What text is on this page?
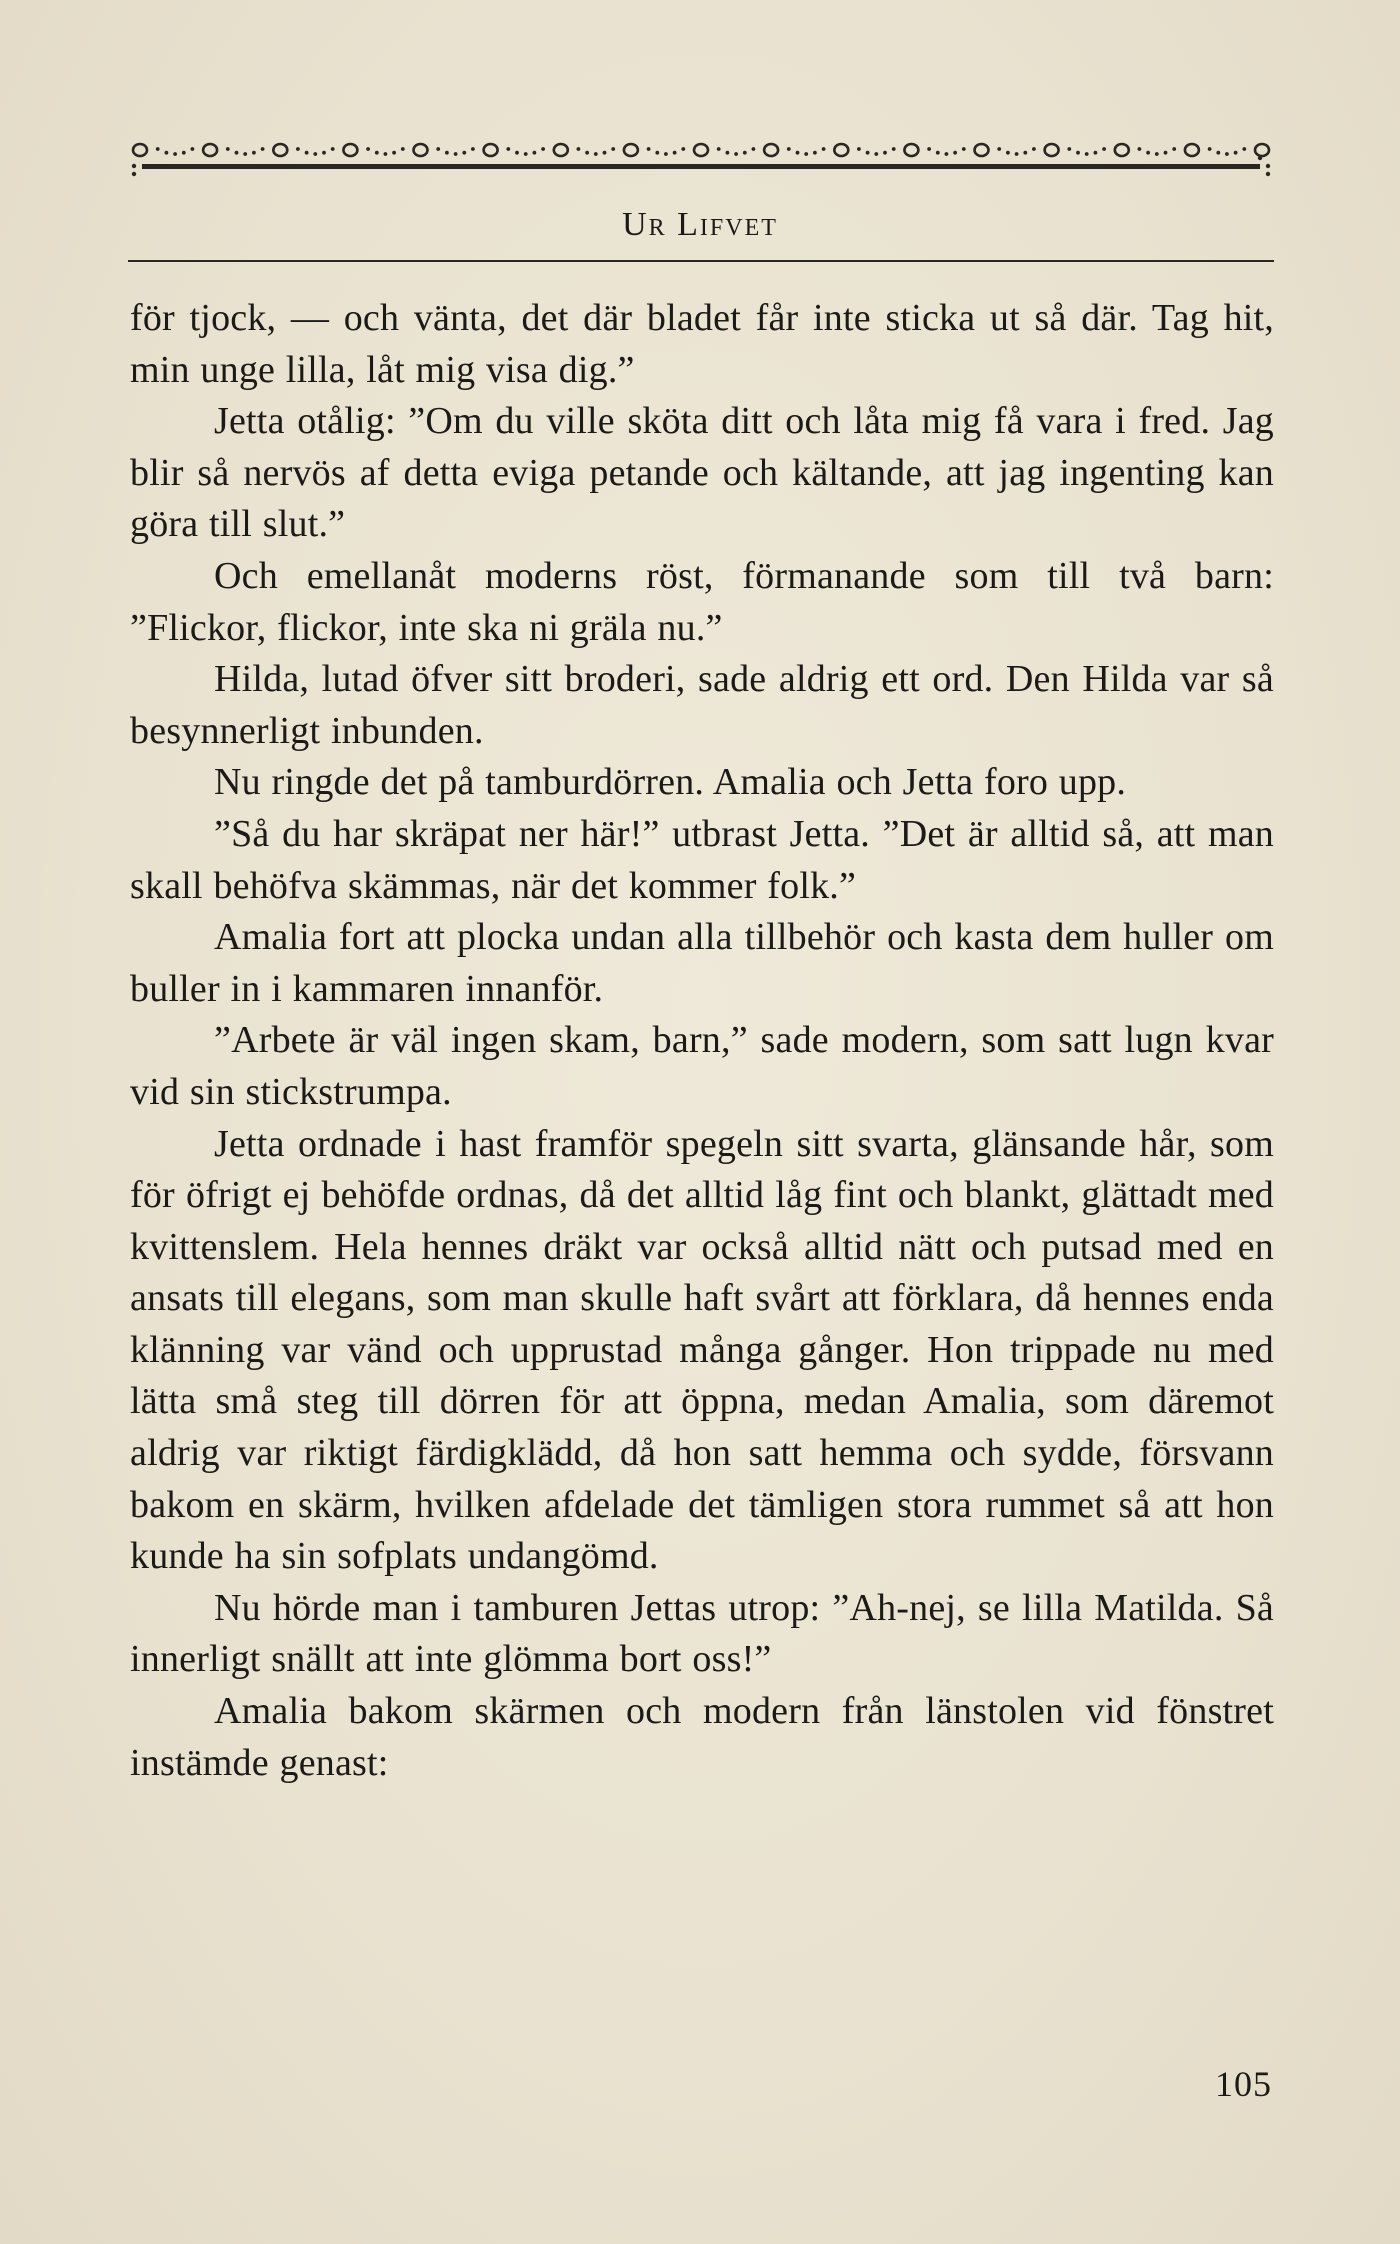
Ur Lifvet

för tjock, — och vänta, det där bladet får inte sticka ut så där. Tag hit, min unge lilla, låt mig visa dig.”

Jetta otålig: ”Om du ville sköta ditt och låta mig få vara i fred. Jag blir så nervös af detta eviga petande och kältande, att jag ingenting kan göra till slut.”

Och emellanåt moderns röst, förmanande som till två barn: ”Flickor, flickor, inte ska ni gräla nu.”

Hilda, lutad öfver sitt broderi, sade aldrig ett ord. Den Hilda var så besynnerligt inbunden.

Nu ringde det på tamburdörren. Amalia och Jetta foro upp.

”Så du har skräpat ner här!” utbrast Jetta. ”Det är alltid så, att man skall behöfva skämmas, när det kommer folk.”

Amalia fort att plocka undan alla tillbehör och kasta dem huller om buller in i kammaren innanför.

”Arbete är väl ingen skam, barn,” sade modern, som satt lugn kvar vid sin stickstrumpa.

Jetta ordnade i hast framför spegeln sitt svarta, glänsande hår, som för öfrigt ej behöfde ordnas, då det alltid låg fint och blankt, glättadt med kvittenslem. Hela hennes dräkt var också alltid nätt och putsad med en ansats till elegans, som man skulle haft svårt att förklara, då hennes enda klänning var vänd och upprustad många gånger. Hon trippade nu med lätta små steg till dörren för att öppna, medan Amalia, som däremot aldrig var riktigt färdigklädd, då hon satt hemma och sydde, försvann bakom en skärm, hvilken afdelade det tämligen stora rummet så att hon kunde ha sin sofplats undangömd.

Nu hörde man i tamburen Jettas utrop: ”Ah-nej, se lilla Matilda. Så innerligt snällt att inte glömma bort oss!”

Amalia bakom skärmen och modern från länstolen vid fönstret instämde genast:

105
